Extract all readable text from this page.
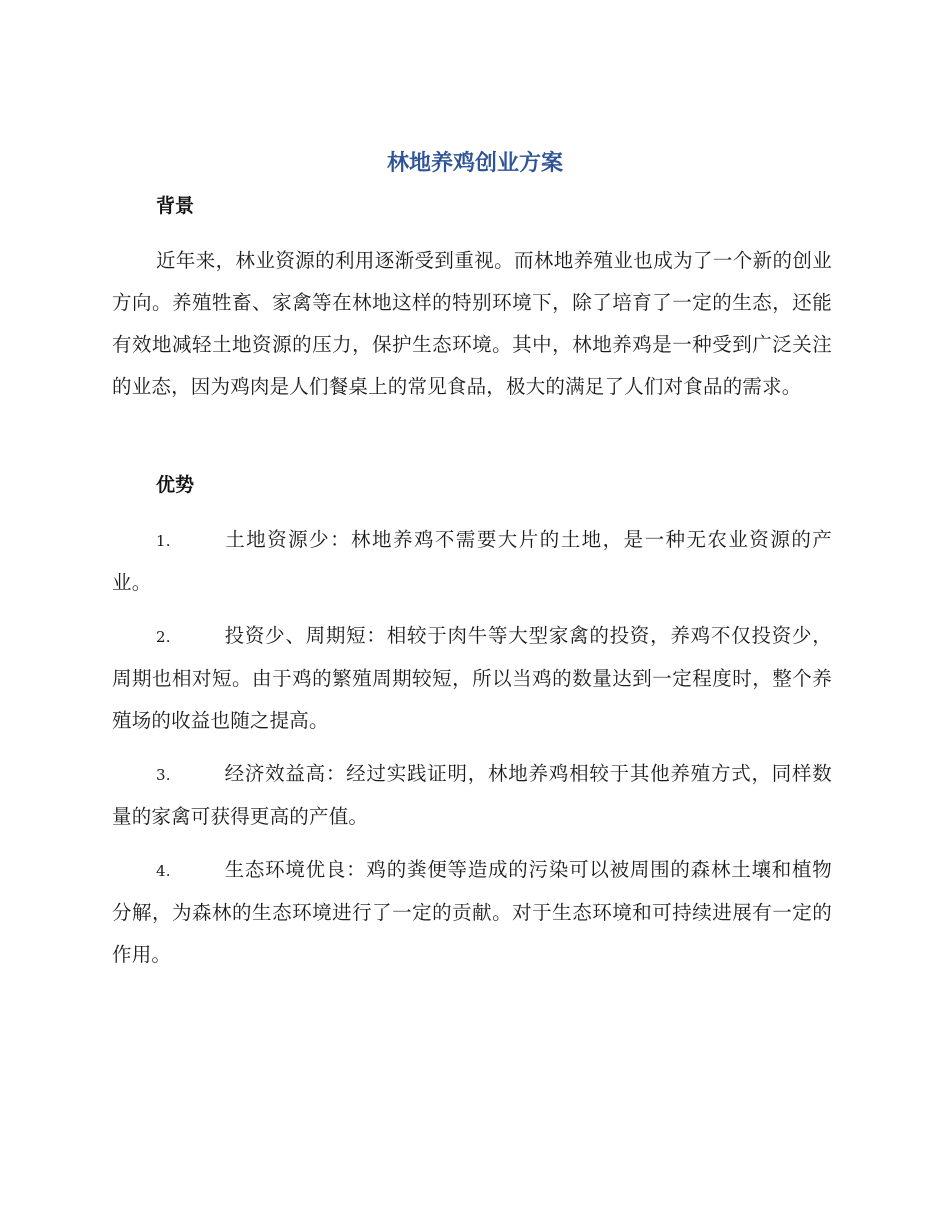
林地养鸡创业方案
背景
近年来，林业资源的利用逐渐受到重视。而林地养殖业也成为了一个新的创业方向。养殖牲畜、家禽等在林地这样的特别环境下，除了培育了一定的生态，还能有效地减轻土地资源的压力，保护生态环境。其中，林地养鸡是一种受到广泛关注的业态，因为鸡肉是人们餐桌上的常见食品，极大的满足了人们对食品的需求。
优势
1.	土地资源少：林地养鸡不需要大片的土地，是一种无农业资源的产业。
2.	投资少、周期短：相较于肉牛等大型家禽的投资，养鸡不仅投资少，周期也相对短。由于鸡的繁殖周期较短，所以当鸡的数量达到一定程度时，整个养殖场的收益也随之提高。
3.	经济效益高：经过实践证明，林地养鸡相较于其他养殖方式，同样数量的家禽可获得更高的产值。
4.	生态环境优良：鸡的粪便等造成的污染可以被周围的森林土壤和植物分解，为森林的生态环境进行了一定的贡献。对于生态环境和可持续进展有一定的作用。
